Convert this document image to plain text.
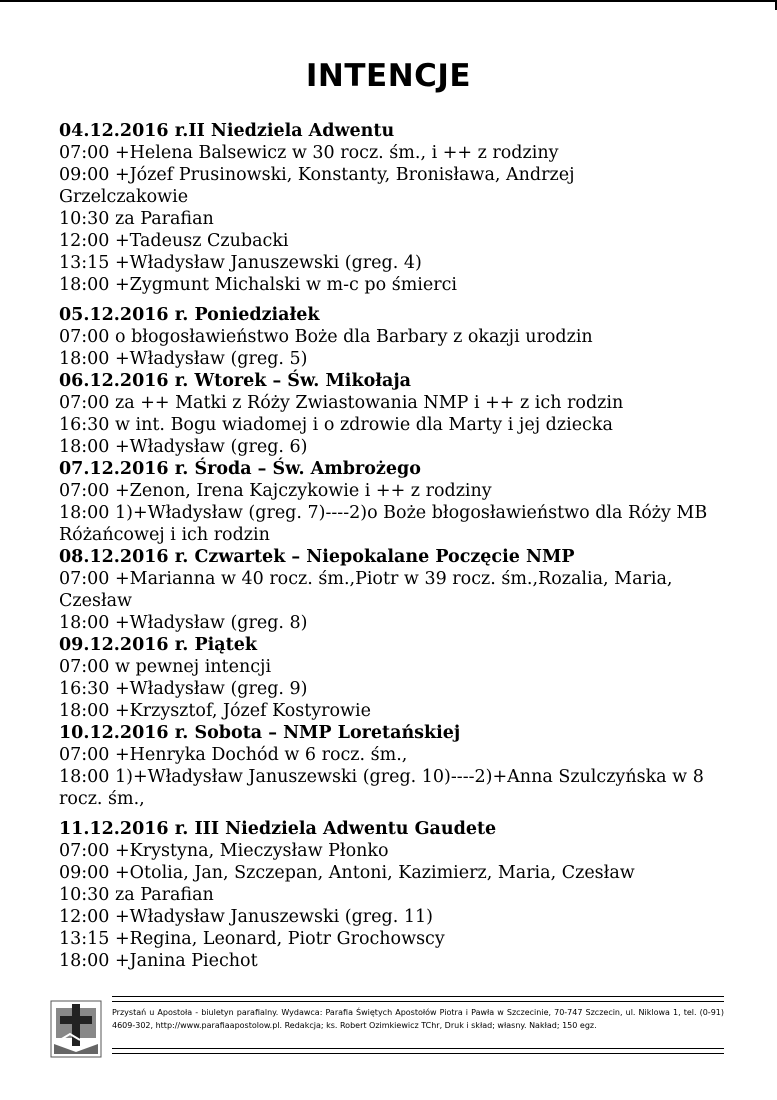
INTENCJE

04.12.2016 r.II Niedziela Adwentu

07:00 +Helena Balsewicz w 30 rocz. śm., i ++ z rodziny

09:00 +Józef Prusinowski, Konstanty, Bronisława, Andrzej

Grzelczakowie

10:30 za Parafian

12:00 +Tadeusz Czubacki

13:15 +Władysław Januszewski (greg. 4)

18:00 +Zygmunt Michalski w m-c po śmierci

05.12.2016 r. Poniedziałek

07:00 o błogosławieństwo Boże dla Barbary z okazji urodzin

18:00 +Władysław (greg. 5)

06.12.2016 r. Wtorek – Św. Mikołaja

07:00 za ++ Matki z Róży Zwiastowania NMP i ++ z ich rodzin

16:30 w int. Bogu wiadomej i o zdrowie dla Marty i jej dziecka

18:00 +Władysław (greg. 6)

07.12.2016 r. Środa – Św. Ambrożego

07:00 +Zenon, Irena Kajczykowie i ++ z rodziny

18:00 1)+Władysław (greg. 7)----2)o Boże błogosławieństwo dla Róży MB

Różańcowej i ich rodzin

08.12.2016 r. Czwartek – Niepokalane Poczęcie NMP

07:00 +Marianna w 40 rocz. śm.,Piotr w 39 rocz. śm.,Rozalia, Maria, Czesław

18:00 +Władysław (greg. 8)

09.12.2016 r. Piątek

07:00 w pewnej intencji

16:30 +Władysław (greg. 9)

18:00 +Krzysztof, Józef Kostyrowie

10.12.2016 r. Sobota – NMP Loretańskiej

07:00 +Henryka Dochód w 6 rocz. śm.,

18:00 1)+Władysław Januszewski (greg. 10)----2)+Anna Szulczyńska w 8

rocz. śm.,

11.12.2016 r. III Niedziela Adwentu Gaudete

07:00 +Krystyna, Mieczysław Płonko

09:00 +Otolia, Jan, Szczepan, Antoni, Kazimierz, Maria, Czesław

10:30 za Parafian

12:00 +Władysław Januszewski (greg. 11)

13:15 +Regina, Leonard, Piotr Grochowscy

18:00 +Janina Piechot

Przystań u Apostoła - biuletyn parafialny. Wydawca: Parafia Świętych Apostołów Piotra i Pawła w Szczecinie, 70-747 Szczecin, ul. Niklowa 1, tel. (0-91) 4609-302, http://www.parafiaapostolow.pl. Redakcja; ks. Robert Ozimkiewicz TChr, Druk i skład; własny. Nakład; 150 egz.
